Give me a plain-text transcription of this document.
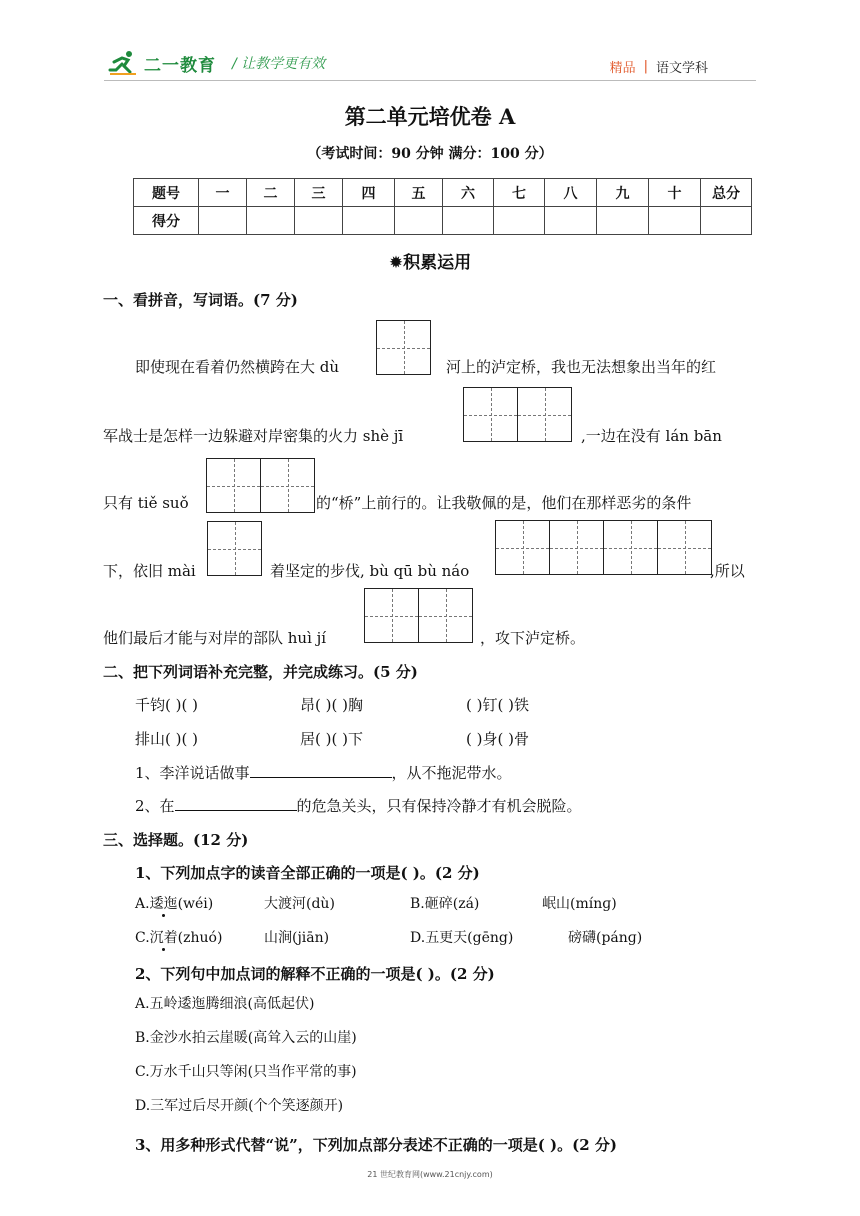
二一教育 / 让教学更有效	精品 | 语文学科
第二单元培优卷 A
（考试时间：90 分钟 满分：100 分）
题号	一	二	三	四	五	六	七	八	九	十	总分
得分											
✹积累运用
一、看拼音，写词语。(7 分)
即使现在看着仍然横跨在大 dù	河上的泸定桥，我也无法想象出当年的红
军战士是怎样一边躲避对岸密集的火力 shè jī	,一边在没有 lán bān
只有 tiě suǒ	的“桥”上前行的。让我敬佩的是，他们在那样恶劣的条件
下，依旧 mài	着坚定的步伐, bù qū bù náo	,所以
他们最后才能与对岸的部队 huì jí	，攻下泸定桥。
二、把下列词语补充完整，并完成练习。(5 分)
千钧( )( )	昂( )( )胸	( )钉( )铁
排山( )( )	居( )( )下	( )身( )骨
1、李洋说话做事	，从不拖泥带水。
2、在	的危急关头，只有保持冷静才有机会脱险。
三、选择题。(12 分)
1、下列加点字的读音全部正确的一项是( )。(2 分)
A.逶迤(wéi)	大渡河(dù)	B.砸碎(zá)	岷山(mínɡ)
C.沉着(zhuó)	山涧(jiān)	D.五更天(gēng)	磅礴(pánɡ)
2、下列句中加点词的解释不正确的一项是( )。(2 分)
A.五岭逶迤腾细浪(高低起伏)
B.金沙水拍云崖暖(高耸入云的山崖)
C.万水千山只等闲(只当作平常的事)
D.三军过后尽开颜(个个笑逐颜开)
3、用多种形式代替“说”，下列加点部分表述不正确的一项是( )。(2 分)
21 世纪教育网(www.21cnjy.com)
